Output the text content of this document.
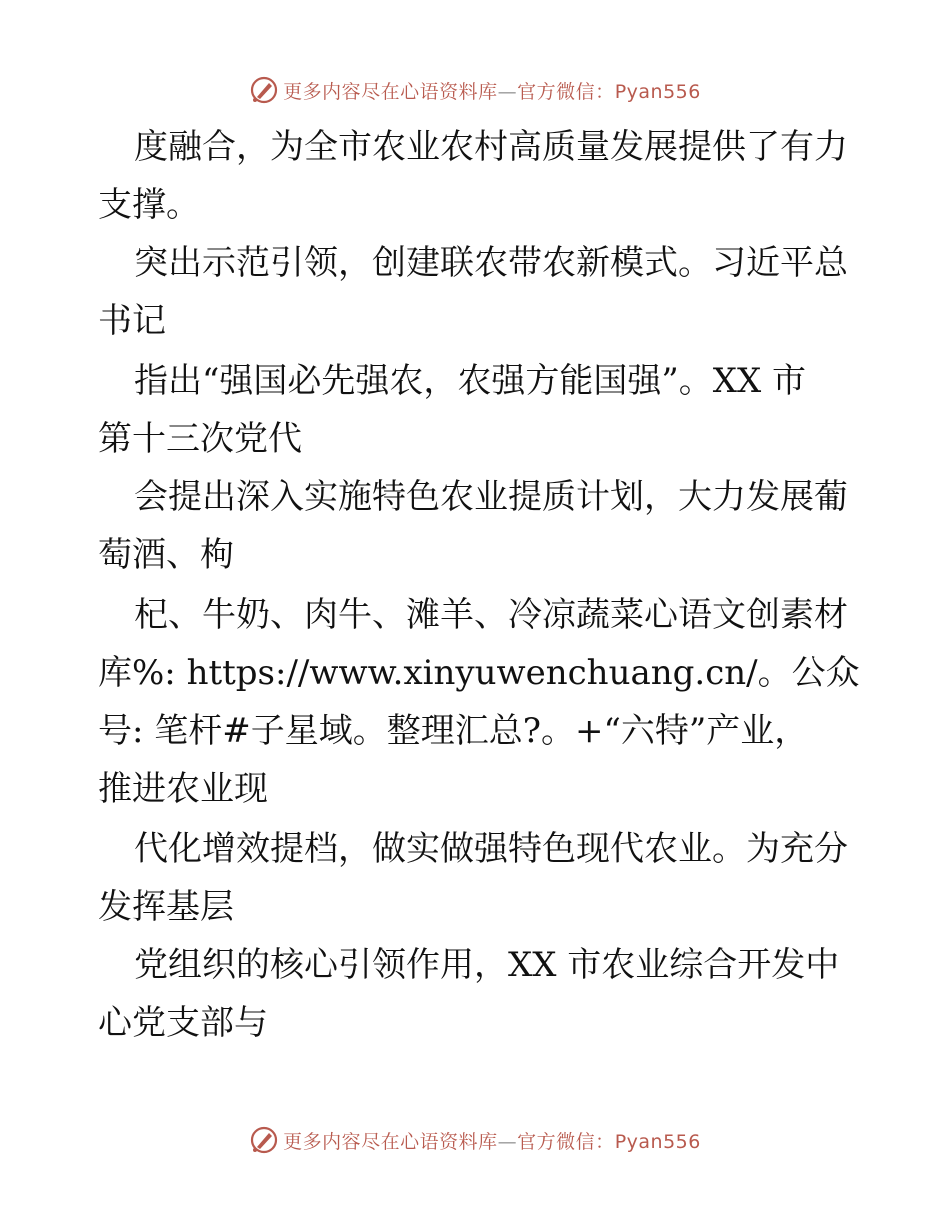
更多内容尽在心语资料库—官方微信：Pyan556
度融合，为全市农业农村高质量发展提供了有力
支撑。
突出示范引领，创建联农带农新模式。习近平总
书记
指出“强国必先强农，农强方能国强”。XX 市
第十三次党代
会提出深入实施特色农业提质计划，大力发展葡
萄酒、枸
杞、牛奶、肉牛、滩羊、冷凉蔬菜心语文创素材
库%: https://www.xinyuwenchuang.cn/。公众
号: 笔杆#子星域。整理汇总?。+“六特”产业，
推进农业现
代化增效提档，做实做强特色现代农业。为充分
发挥基层
党组织的核心引领作用，XX 市农业综合开发中
心党支部与
更多内容尽在心语资料库—官方微信：Pyan556
